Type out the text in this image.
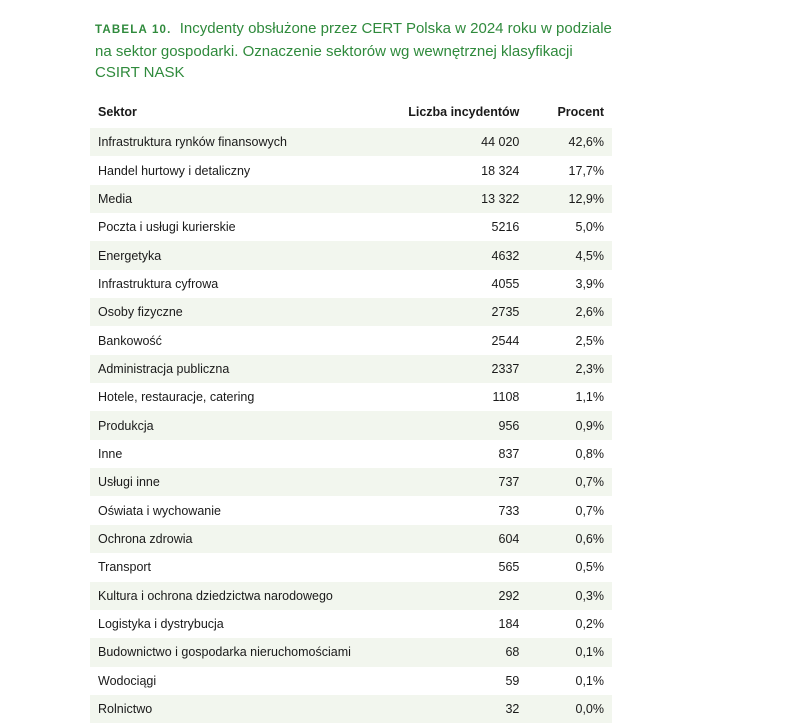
TABELA 10. Incydenty obsłużone przez CERT Polska w 2024 roku w podziale na sektor gospodarki. Oznaczenie sektorów wg wewnętrznej klasyfikacji CSIRT NASK
Sektor	Liczba incydentów	Procent
Infrastruktura rynków finansowych	44 020	42,6%
Handel hurtowy i detaliczny	18 324	17,7%
Media	13 322	12,9%
Poczta i usługi kurierskie	5216	5,0%
Energetyka	4632	4,5%
Infrastruktura cyfrowa	4055	3,9%
Osoby fizyczne	2735	2,6%
Bankowość	2544	2,5%
Administracja publiczna	2337	2,3%
Hotele, restauracje, catering	1108	1,1%
Produkcja	956	0,9%
Inne	837	0,8%
Usługi inne	737	0,7%
Oświata i wychowanie	733	0,7%
Ochrona zdrowia	604	0,6%
Transport	565	0,5%
Kultura i ochrona dziedzictwa narodowego	292	0,3%
Logistyka i dystrybucja	184	0,2%
Budownictwo i gospodarka nieruchomościami	68	0,1%
Wodociągi	59	0,1%
Rolnictwo	32	0,0%
